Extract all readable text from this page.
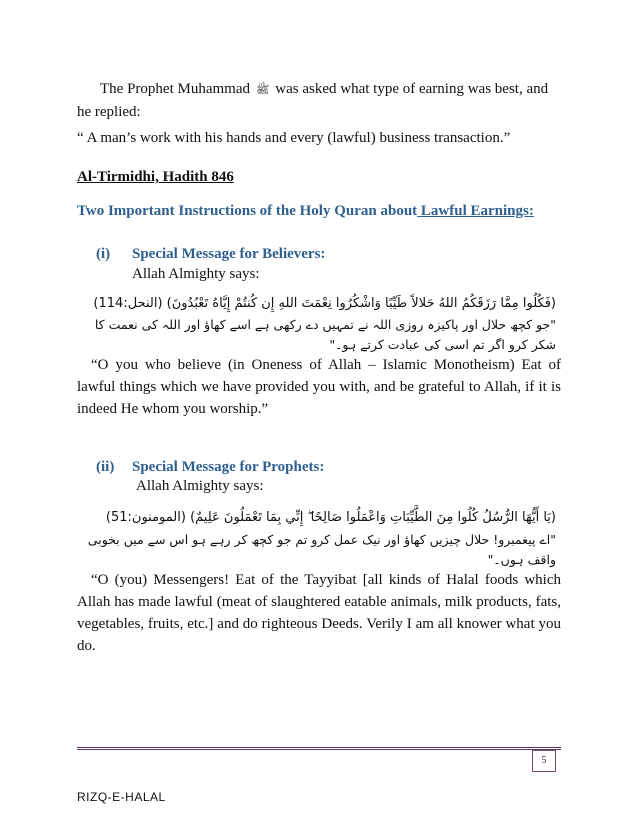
The Prophet Muhammad ﷺ was asked what type of earning was best, and
he replied:
“ A man’s work with his hands and every (lawful) business transaction.”
Al-Tirmidhi, Hadith 846
Two Important Instructions of the Holy Quran about Lawful Earnings:
(i) Special Message for Believers:
Allah Almighty says:
(فَكُلُوا مِمَّا رَزَقَكُمُ اللهُ حَلالاً طَيِّبًا وَاشْكُرُوا نِعْمَتَ اللهِ إِن كُنتُمْ إِيَّاهُ تَعْبُدُونَ) (النحل:114)
"جو کچھ حلال اور پاکیزہ روزی اللہ نے تمہیں دے رکھی ہے اسے کھاؤ اور اللہ کی نعمت کا شکر کرو اگر تم اسی کی عبادت کرتے ہو۔"
“O you who believe (in Oneness of Allah – Islamic Monotheism) Eat of lawful things which we have provided you with, and be grateful to Allah, if it is indeed He whom you worship.”
(ii) Special Message for Prophets:
Allah Almighty says:
(يَا أَيُّهَا الرُّسُلُ كُلُوا مِنَ الطَّيِّبَاتِ وَاعْمَلُوا صَالِحًا ۖ إِنِّي بِمَا تَعْمَلُونَ عَلِيمٌ) (المومنون:51)
"اے پیغمبرو! حلال چیزیں کھاؤ اور نیک عمل کرو تم جو کچھ کر رہے ہو اس سے میں بخوبی واقف ہوں۔"
“O (you) Messengers! Eat of the Tayyibat [all kinds of Halal foods which Allah has made lawful (meat of slaughtered eatable animals, milk products, fats, vegetables, fruits, etc.] and do righteous Deeds. Verily I am all knower what you do.
5
RIZQ-E-HALAL
